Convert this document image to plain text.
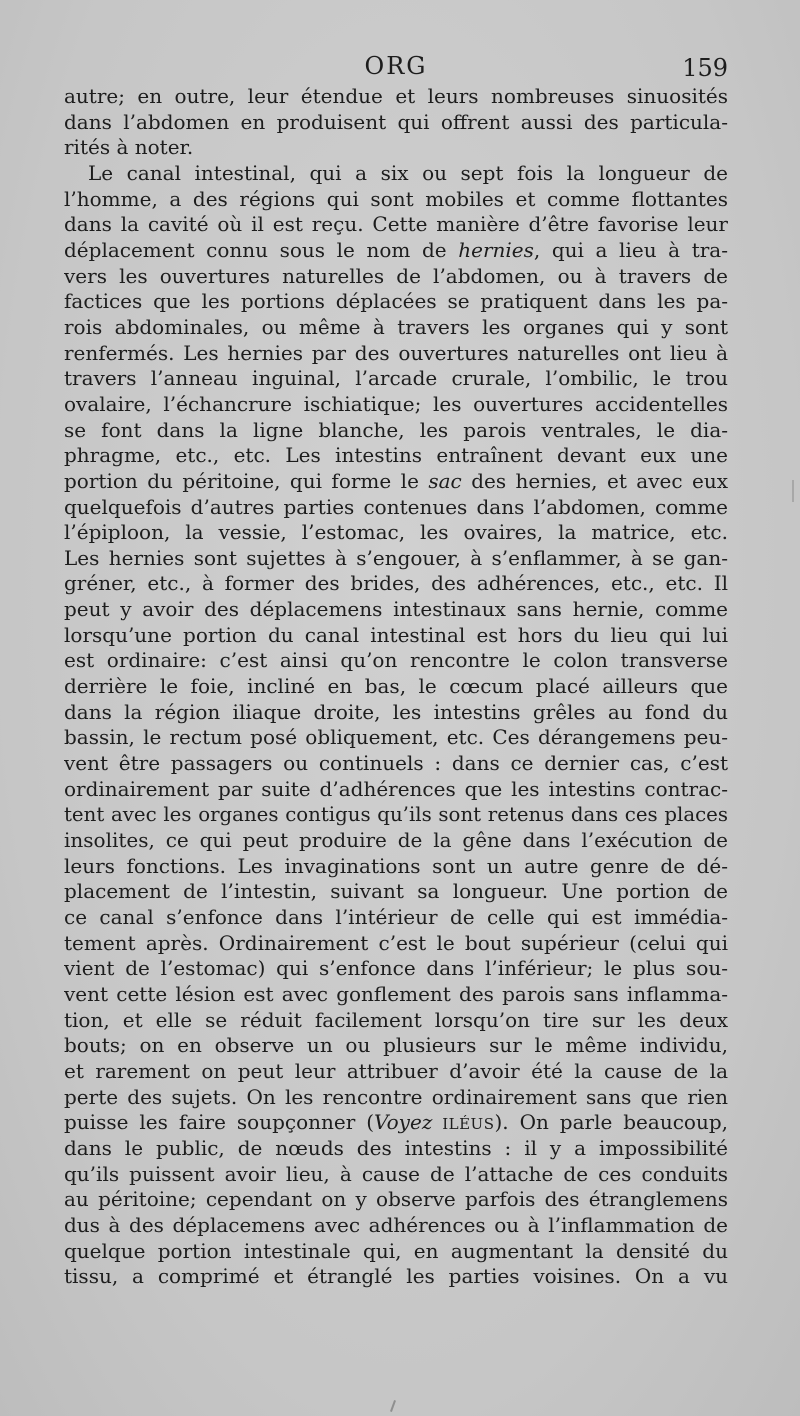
ORG	159
autre; en outre, leur étendue et leurs nombreuses sinuosités
dans l’abdomen en produisent qui offrent aussi des particula-
rités à noter.
Le canal intestinal, qui a six ou sept fois la longueur de
l’homme, a des régions qui sont mobiles et comme flottantes
dans la cavité où il est reçu. Cette manière d’être favorise leur
déplacement connu sous le nom de hernies, qui a lieu à tra-
vers les ouvertures naturelles de l’abdomen, ou à travers de
factices que les portions déplacées se pratiquent dans les pa-
rois abdominales, ou même à travers les organes qui y sont
renfermés. Les hernies par des ouvertures naturelles ont lieu à
travers l’anneau inguinal, l’arcade crurale, l’ombilic, le trou
ovalaire, l’échancrure ischiatique; les ouvertures accidentelles
se font dans la ligne blanche, les parois ventrales, le dia-
phragme, etc., etc. Les intestins entraînent devant eux une
portion du péritoine, qui forme le sac des hernies, et avec eux
quelquefois d’autres parties contenues dans l’abdomen, comme
l’épiploon, la vessie, l’estomac, les ovaires, la matrice, etc.
Les hernies sont sujettes à s’engouer, à s’enflammer, à se gan-
gréner, etc., à former des brides, des adhérences, etc., etc. Il
peut y avoir des déplacemens intestinaux sans hernie, comme
lorsqu’une portion du canal intestinal est hors du lieu qui lui
est ordinaire: c’est ainsi qu’on rencontre le colon transverse
derrière le foie, incliné en bas, le cœcum placé ailleurs que
dans la région iliaque droite, les intestins grêles au fond du
bassin, le rectum posé obliquement, etc. Ces dérangemens peu-
vent être passagers ou continuels : dans ce dernier cas, c’est
ordinairement par suite d’adhérences que les intestins contrac-
tent avec les organes contigus qu’ils sont retenus dans ces places
insolites, ce qui peut produire de la gêne dans l’exécution de
leurs fonctions. Les invaginations sont un autre genre de dé-
placement de l’intestin, suivant sa longueur. Une portion de
ce canal s’enfonce dans l’intérieur de celle qui est immédia-
tement après. Ordinairement c’est le bout supérieur (celui qui
vient de l’estomac) qui s’enfonce dans l’inférieur; le plus sou-
vent cette lésion est avec gonflement des parois sans inflamma-
tion, et elle se réduit facilement lorsqu’on tire sur les deux
bouts; on en observe un ou plusieurs sur le même individu,
et rarement on peut leur attribuer d’avoir été la cause de la
perte des sujets. On les rencontre ordinairement sans que rien
puisse les faire soupçonner (Voyez ILÉUS). On parle beaucoup,
dans le public, de nœuds des intestins : il y a impossibilité
qu’ils puissent avoir lieu, à cause de l’attache de ces conduits
au péritoine; cependant on y observe parfois des étranglemens
dus à des déplacemens avec adhérences ou à l’inflammation de
quelque portion intestinale qui, en augmentant la densité du
tissu, a comprimé et étranglé les parties voisines. On a vu
